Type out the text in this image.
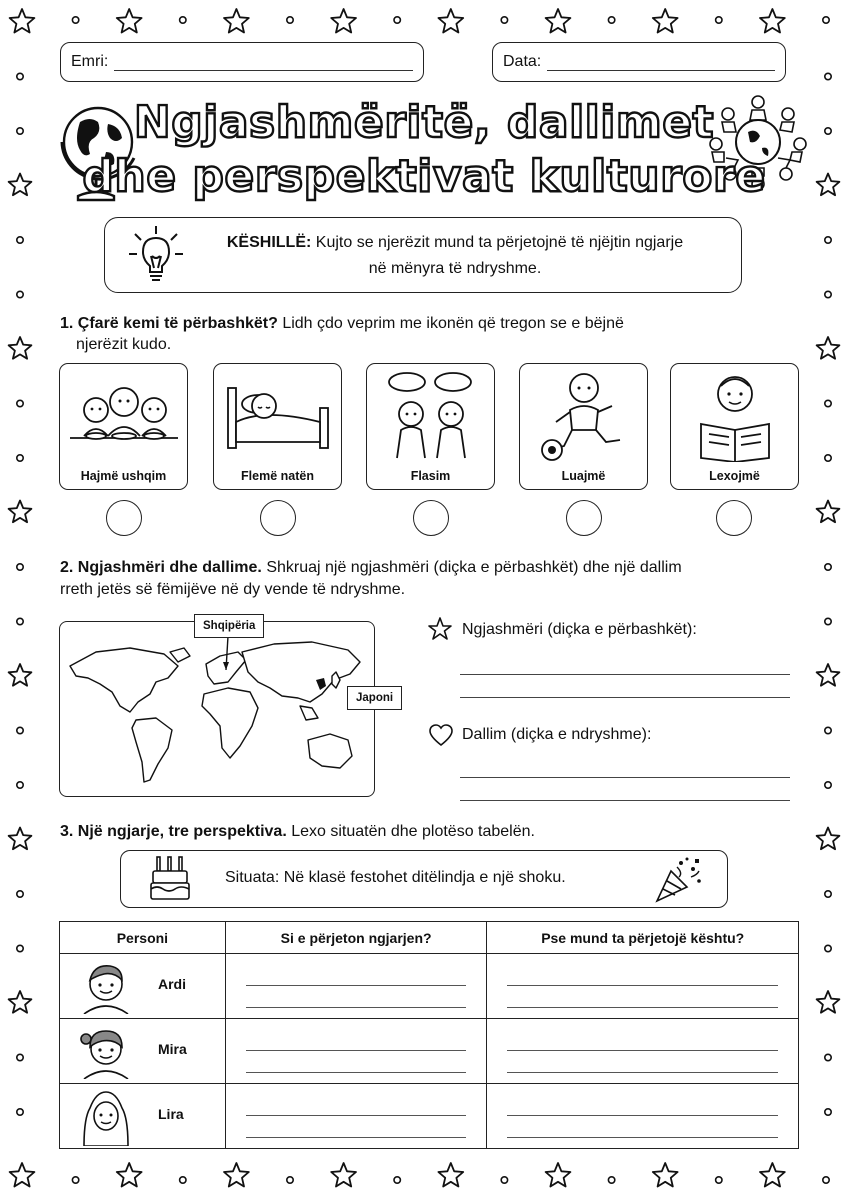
Emri:	Data:
Ngjashmëritë, dallimet
dhe perspektivat kulturore
KËSHILLË: Kujto se njerëzit mund ta përjetojnë të njëjtin ngjarje
në mënyra të ndryshme.
1. Çfarë kemi të përbashkët? Lidh çdo veprim me ikonën që tregon se e bëjnë
njerëzit kudo.
Hajmë ushqim	Flemë natën	Flasim	Luajmë	Lexojmë
2. Ngjashmëri dhe dallime. Shkruaj një ngjashmëri (diçka e përbashkët) dhe një dallim
rreth jetës së fëmijëve në dy vende të ndryshme.
Shqipëria
Japoni
Ngjashmëri (diçka e përbashkët):
Dallim (diçka e ndryshme):
3. Një ngjarje, tre perspektiva. Lexo situatën dhe plotëso tabelën.
Situata: Në klasë festohet ditëlindja e një shoku.
Personi	Si e përjeton ngjarjen?	Pse mund ta përjetojë kështu?

Ardi		

Mira		

Lira		
